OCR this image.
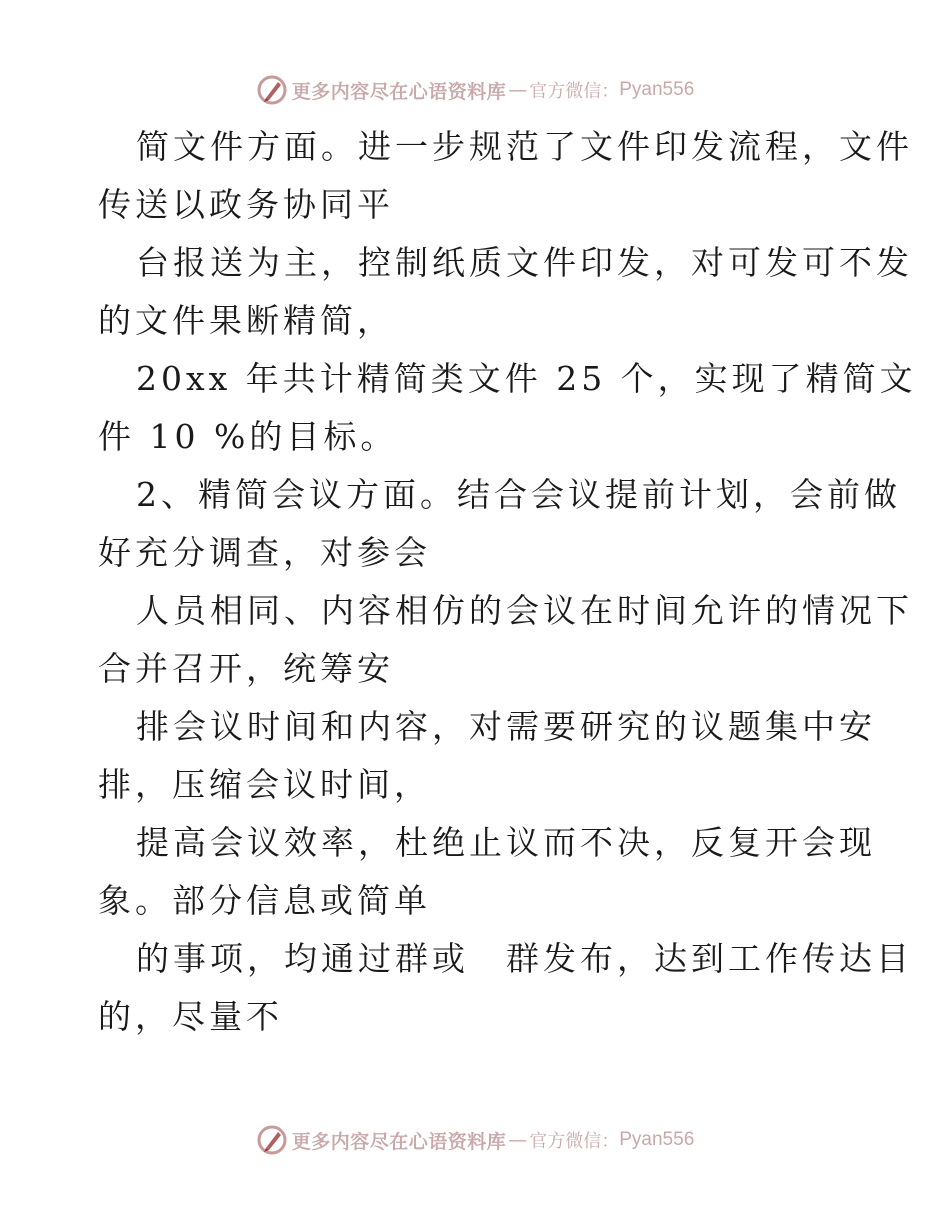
更多内容尽在心语资料库 — 官方微信： Pyan556
简文件方面。进一步规范了文件印发流程，文件
传送以政务协同平
台报送为主，控制纸质文件印发，对可发可不发
的文件果断精简，
20xx 年共计精简类文件 25 个，实现了精简文
件 10 %的目标。
2、精简会议方面。结合会议提前计划，会前做
好充分调查，对参会
人员相同、内容相仿的会议在时间允许的情况下
合并召开，统筹安
排会议时间和内容，对需要研究的议题集中安
排，压缩会议时间，
提高会议效率，杜绝止议而不决，反复开会现
象。部分信息或简单
的事项，均通过群或　群发布，达到工作传达目
的，尽量不
更多内容尽在心语资料库 — 官方微信： Pyan556
